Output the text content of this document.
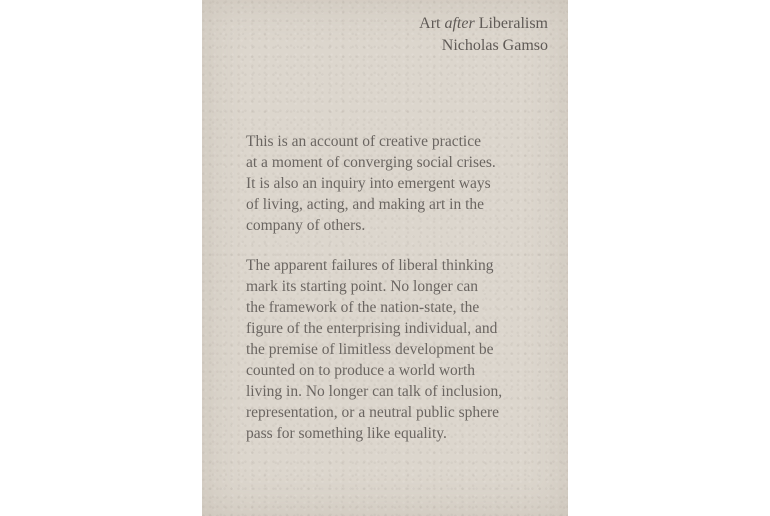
Art after Liberalism
Nicholas Gamso

This is an account of creative practice
at a moment of converging social crises.
It is also an inquiry into emergent ways
of living, acting, and making art in the
company of others.

The apparent failures of liberal thinking
mark its starting point. No longer can
the framework of the nation-state, the
figure of the enterprising individual, and
the premise of limitless development be
counted on to produce a world worth
living in. No longer can talk of inclusion,
representation, or a neutral public sphere
pass for something like equality.
